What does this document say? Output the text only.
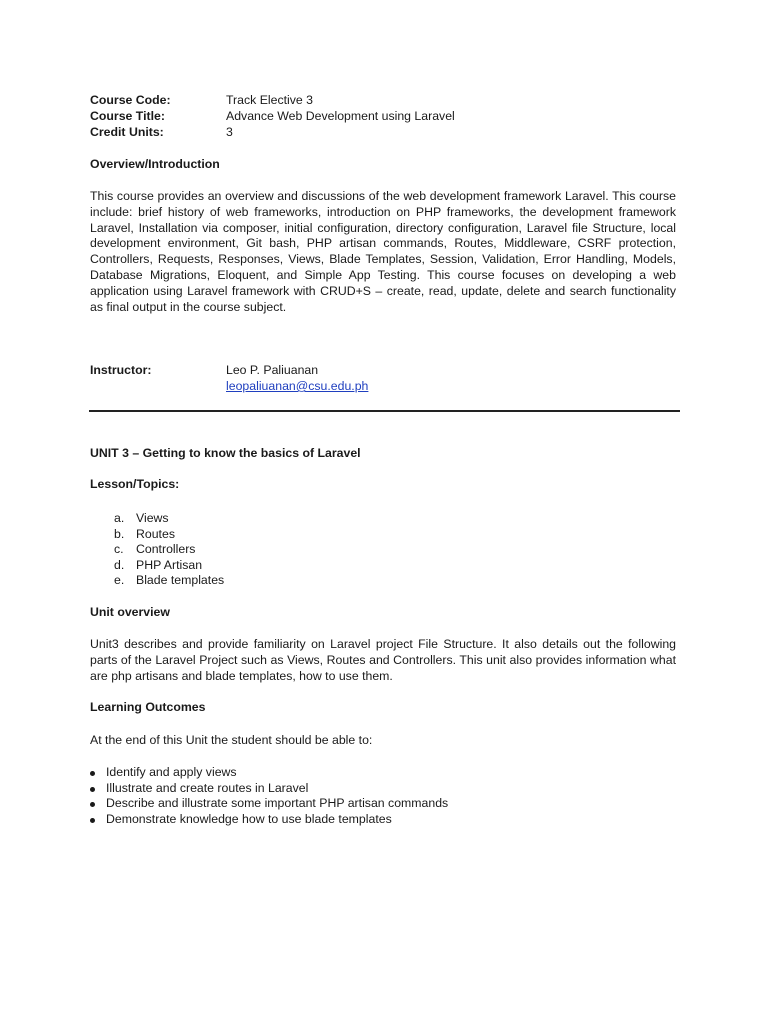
Course Code:	Track Elective 3
Course Title:	Advance Web Development using Laravel
Credit Units:	3
Overview/Introduction

This course provides an overview and discussions of the web development framework Laravel. This course include: brief history of web frameworks, introduction on PHP frameworks, the development framework Laravel, Installation via composer, initial configuration, directory configuration, Laravel file Structure, local development environment, Git bash, PHP artisan commands, Routes, Middleware, CSRF protection, Controllers, Requests, Responses, Views, Blade Templates, Session, Validation, Error Handling, Models, Database Migrations, Eloquent, and Simple App Testing. This course focuses on developing a web application using Laravel framework with CRUD+S – create, read, update, delete and search functionality as final output in the course subject.

Instructor:	Leo P. Paliuanan
leopaliuanan@csu.edu.ph
UNIT 3 – Getting to know the basics of Laravel
Lesson/Topics:
a. Views
b. Routes
c. Controllers
d. PHP Artisan
e. Blade templates
Unit overview

Unit3 describes and provide familiarity on Laravel project File Structure. It also details out the following parts of the Laravel Project such as Views, Routes and Controllers. This unit also provides information what are php artisans and blade templates, how to use them.

Learning Outcomes
At the end of this Unit the student should be able to:
Identify and apply views
Illustrate and create routes in Laravel
Describe and illustrate some important PHP artisan commands
Demonstrate knowledge how to use blade templates
